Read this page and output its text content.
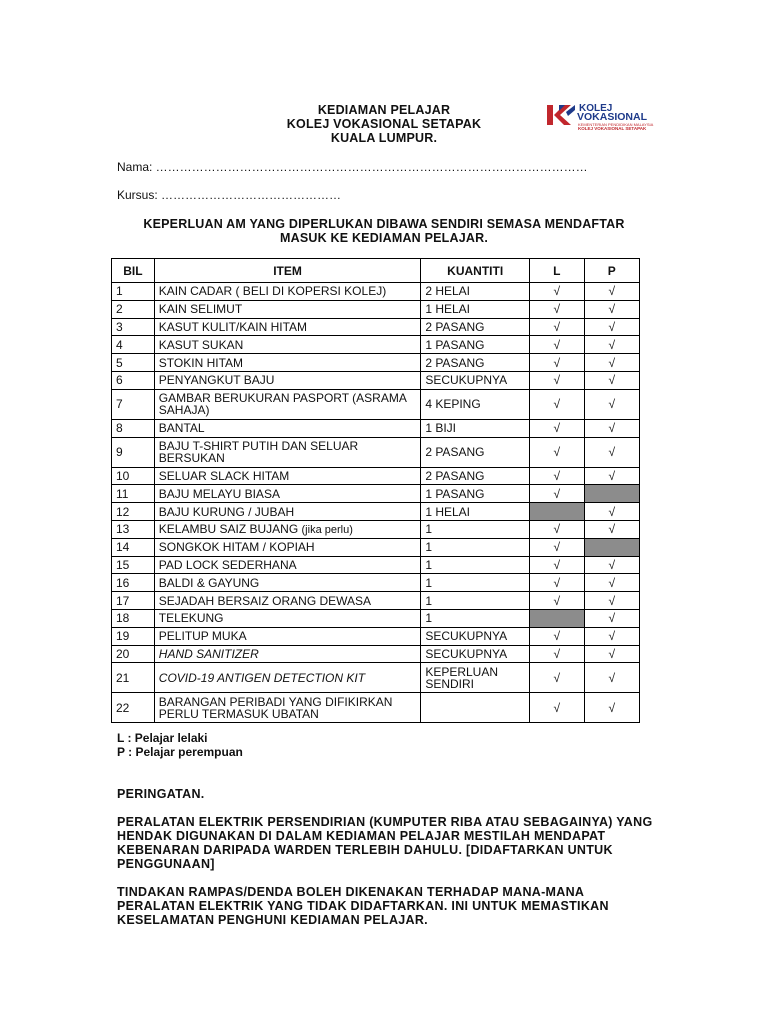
KEDIAMAN PELAJAR
KOLEJ VOKASIONAL SETAPAK
KUALA LUMPUR.
KOLEJ
VOKASIONAL
KEMENTERIAN PENDIDIKAN MALAYSIA
KOLEJ VOKASIONAL SETAPAK
Nama: ………………………………………………………………………………………………
Kursus: ………………………………………
KEPERLUAN AM YANG DIPERLUKAN DIBAWA SENDIRI SEMASA MENDAFTAR
MASUK KE KEDIAMAN PELAJAR.
BIL	ITEM	KUANTITI	L	P
1	KAIN CADAR ( BELI DI KOPERSI KOLEJ)	2 HELAI	√	√
2	KAIN SELIMUT	1 HELAI	√	√
3	KASUT KULIT/KAIN HITAM	2 PASANG	√	√
4	KASUT SUKAN	1 PASANG	√	√
5	STOKIN HITAM	2 PASANG	√	√
6	PENYANGKUT BAJU	SECUKUPNYA	√	√
7	GAMBAR BERUKURAN PASPORT (ASRAMA SAHAJA)	4 KEPING	√	√
8	BANTAL	1 BIJI	√	√
9	BAJU T-SHIRT PUTIH DAN SELUAR BERSUKAN	2 PASANG	√	√
10	SELUAR SLACK HITAM	2 PASANG	√	√
11	BAJU MELAYU BIASA	1 PASANG	√	
12	BAJU KURUNG / JUBAH	1 HELAI		√
13	KELAMBU SAIZ BUJANG (jika perlu)	1	√	√
14	SONGKOK HITAM / KOPIAH	1	√	
15	PAD LOCK SEDERHANA	1	√	√
16	BALDI & GAYUNG	1	√	√
17	SEJADAH BERSAIZ ORANG DEWASA	1	√	√
18	TELEKUNG	1		√
19	PELITUP MUKA	SECUKUPNYA	√	√
20	HAND SANITIZER	SECUKUPNYA	√	√
21	COVID-19 ANTIGEN DETECTION KIT	KEPERLUAN SENDIRI	√	√
22	BARANGAN PERIBADI YANG DIFIKIRKAN PERLU TERMASUK UBATAN		√	√
L : Pelajar lelaki
P : Pelajar perempuan
PERINGATAN.
PERALATAN ELEKTRIK PERSENDIRIAN (KUMPUTER RIBA ATAU SEBAGAINYA) YANG HENDAK DIGUNAKAN DI DALAM KEDIAMAN PELAJAR MESTILAH MENDAPAT KEBENARAN DARIPADA WARDEN TERLEBIH DAHULU. [DIDAFTARKAN UNTUK PENGGUNAAN]
TINDAKAN RAMPAS/DENDA BOLEH DIKENAKAN TERHADAP MANA-MANA PERALATAN ELEKTRIK YANG TIDAK DIDAFTARKAN. INI UNTUK MEMASTIKAN KESELAMATAN PENGHUNI KEDIAMAN PELAJAR.
